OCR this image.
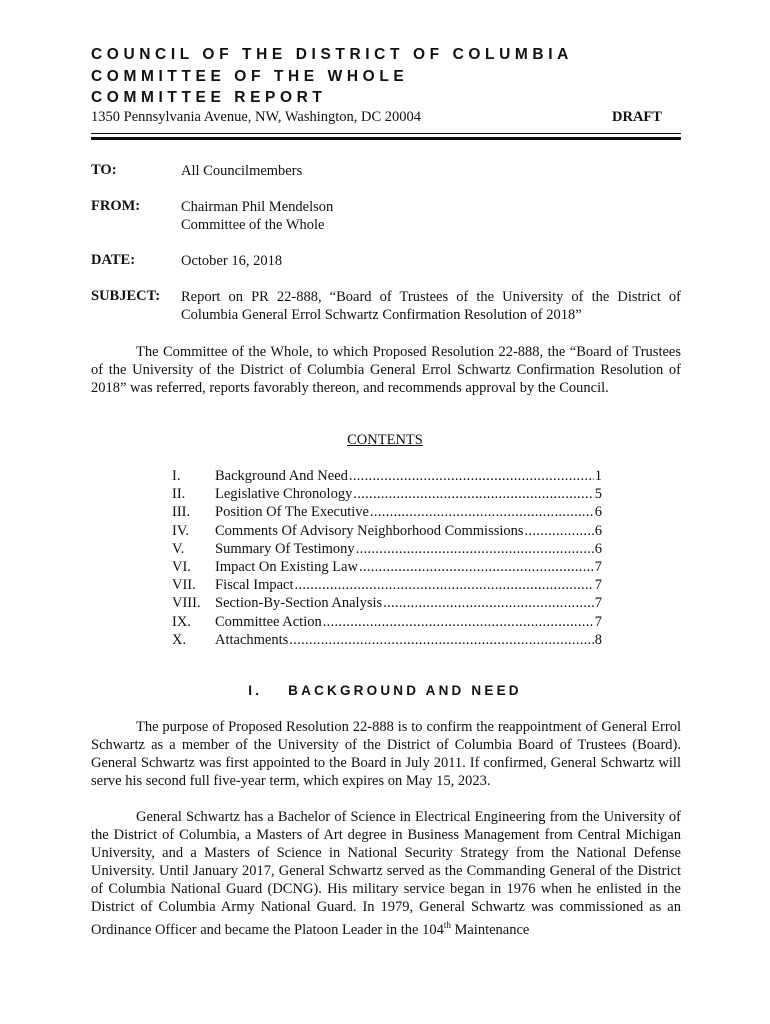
COUNCIL OF THE DISTRICT OF COLUMBIA
COMMITTEE OF THE WHOLE
COMMITTEE REPORT
1350 Pennsylvania Avenue, NW, Washington, DC 20004	DRAFT
TO:	All Councilmembers
FROM:	Chairman Phil Mendelson
Committee of the Whole
DATE:	October 16, 2018
SUBJECT: Report on PR 22-888, “Board of Trustees of the University of the District of Columbia General Errol Schwartz Confirmation Resolution of 2018”
The Committee of the Whole, to which Proposed Resolution 22-888, the “Board of Trustees of the University of the District of Columbia General Errol Schwartz Confirmation Resolution of 2018” was referred, reports favorably thereon, and recommends approval by the Council.
CONTENTS
I.	Background And Need .....	1
II.	Legislative Chronology .....	5
III.	Position Of The Executive .....	6
IV.	Comments Of Advisory Neighborhood Commissions .....	6
V.	Summary Of Testimony .....	6
VI.	Impact On Existing Law .....	7
VII.	Fiscal Impact .....	7
VIII. Section-By-Section Analysis .....	7
IX.	Committee Action .....	7
X.	Attachments .....	8
I. BACKGROUND AND NEED
The purpose of Proposed Resolution 22-888 is to confirm the reappointment of General Errol Schwartz as a member of the University of the District of Columbia Board of Trustees (Board). General Schwartz was first appointed to the Board in July 2011. If confirmed, General Schwartz will serve his second full five-year term, which expires on May 15, 2023.
General Schwartz has a Bachelor of Science in Electrical Engineering from the University of the District of Columbia, a Masters of Art degree in Business Management from Central Michigan University, and a Masters of Science in National Security Strategy from the National Defense University. Until January 2017, General Schwartz served as the Commanding General of the District of Columbia National Guard (DCNG). His military service began in 1976 when he enlisted in the District of Columbia Army National Guard. In 1979, General Schwartz was commissioned as an Ordinance Officer and became the Platoon Leader in the 104th Maintenance
